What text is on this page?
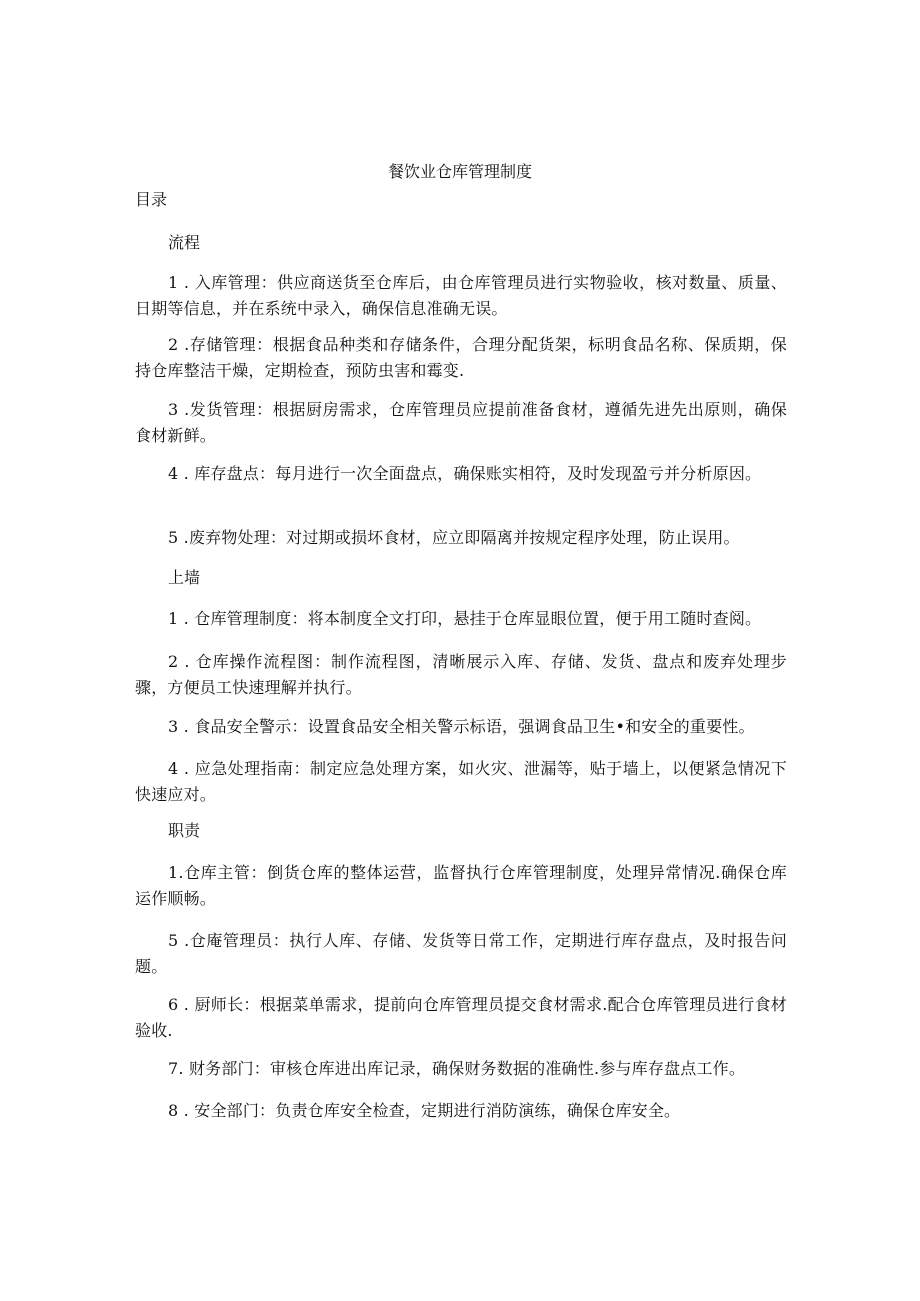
餐饮业仓库管理制度
目录
流程
1 . 入库管理：供应商送货至仓库后，由仓库管理员进行实物验收，核对数量、质量、日期等信息，并在系统中录入，确保信息准确无误。
2 .存储管理：根据食品种类和存储条件，合理分配货架，标明食品名称、保质期，保持仓库整洁干燥，定期检查，预防虫害和霉变.
3 .发货管理：根据厨房需求，仓库管理员应提前准备食材，遵循先进先出原则，确保食材新鲜。
4 . 库存盘点：每月进行一次全面盘点，确保账实相符，及时发现盈亏并分析原因。
5 .废弃物处理：对过期或损坏食材，应立即隔离并按规定程序处理，防止误用。
上墙
1 . 仓库管理制度：将本制度全文打印，悬挂于仓库显眼位置，便于用工随时查阅。
2 . 仓库操作流程图：制作流程图，清晰展示入库、存储、发货、盘点和废弃处理步骤，方便员工快速理解并执行。
3 . 食品安全警示：设置食品安全相关警示标语，强调食品卫生•和安全的重要性。
4 . 应急处理指南：制定应急处理方案，如火灾、泄漏等，贴于墙上，以便紧急情况下快速应对。
职责
1.仓库主管：倒货仓库的整体运营，监督执行仓库管理制度，处理异常情况.确保仓库运作顺畅。
5 .仓庵管理员：执行人库、存储、发货等日常工作，定期进行库存盘点，及时报告问题。
6 . 厨师长：根据菜单需求，提前向仓库管理员提交食材需求.配合仓库管理员进行食材验收.
7. 财务部门：审核仓库进出库记录，确保财务数据的准确性.参与库存盘点工作。
8 . 安全部门：负责仓库安全检查，定期进行消防演练，确保仓库安全。
